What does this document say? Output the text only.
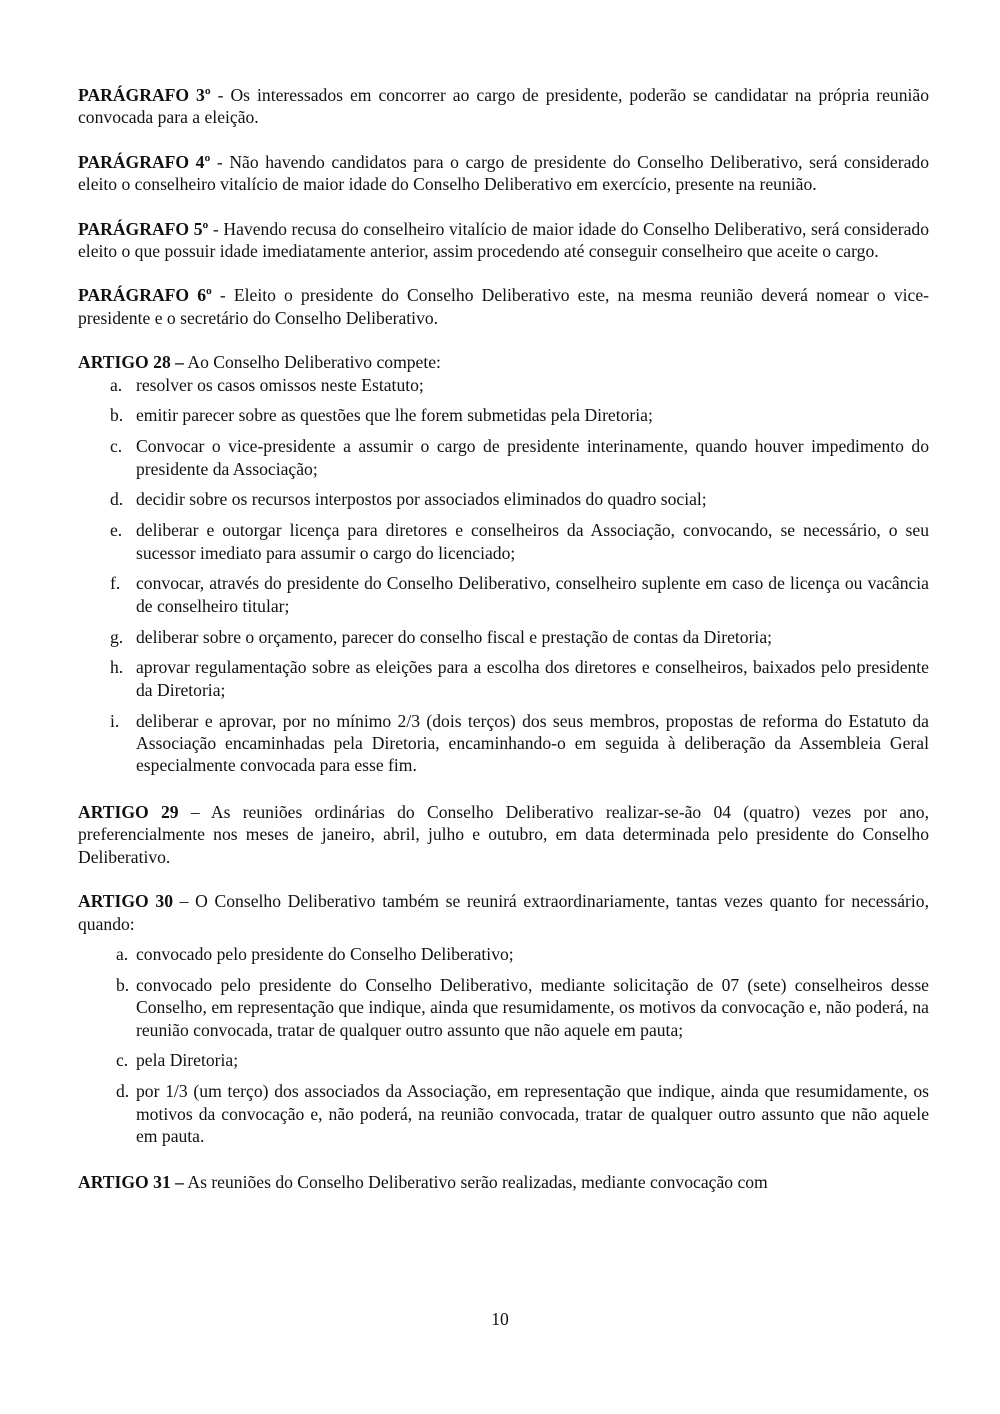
PARÁGRAFO 3º - Os interessados em concorrer ao cargo de presidente, poderão se candidatar na própria reunião convocada para a eleição.

PARÁGRAFO 4º - Não havendo candidatos para o cargo de presidente do Conselho Deliberativo, será considerado eleito o conselheiro vitalício de maior idade do Conselho Deliberativo em exercício, presente na reunião.

PARÁGRAFO 5º - Havendo recusa do conselheiro vitalício de maior idade do Conselho Deliberativo, será considerado eleito o que possuir idade imediatamente anterior, assim procedendo até conseguir conselheiro que aceite o cargo.

PARÁGRAFO 6º - Eleito o presidente do Conselho Deliberativo este, na mesma reunião deverá nomear o vice-presidente e o secretário do Conselho Deliberativo.

ARTIGO 28 – Ao Conselho Deliberativo compete:

a. resolver os casos omissos neste Estatuto;
b. emitir parecer sobre as questões que lhe forem submetidas pela Diretoria;
c. Convocar o vice-presidente a assumir o cargo de presidente interinamente, quando houver impedimento do presidente da Associação;
d. decidir sobre os recursos interpostos por associados eliminados do quadro social;
e. deliberar e outorgar licença para diretores e conselheiros da Associação, convocando, se necessário, o seu sucessor imediato para assumir o cargo do licenciado;
f. convocar, através do presidente do Conselho Deliberativo, conselheiro suplente em caso de licença ou vacância de conselheiro titular;
g. deliberar sobre o orçamento, parecer do conselho fiscal e prestação de contas da Diretoria;
h. aprovar regulamentação sobre as eleições para a escolha dos diretores e conselheiros, baixados pelo presidente da Diretoria;
i. deliberar e aprovar, por no mínimo 2/3 (dois terços) dos seus membros, propostas de reforma do Estatuto da Associação encaminhadas pela Diretoria, encaminhando-o em seguida à deliberação da Assembleia Geral especialmente convocada para esse fim.

ARTIGO 29 – As reuniões ordinárias do Conselho Deliberativo realizar-se-ão 04 (quatro) vezes por ano, preferencialmente nos meses de janeiro, abril, julho e outubro, em data determinada pelo presidente do Conselho Deliberativo.

ARTIGO 30 – O Conselho Deliberativo também se reunirá extraordinariamente, tantas vezes quanto for necessário, quando:

a. convocado pelo presidente do Conselho Deliberativo;
b. convocado pelo presidente do Conselho Deliberativo, mediante solicitação de 07 (sete) conselheiros desse Conselho, em representação que indique, ainda que resumidamente, os motivos da convocação e, não poderá, na reunião convocada, tratar de qualquer outro assunto que não aquele em pauta;
c. pela Diretoria;
d. por 1/3 (um terço) dos associados da Associação, em representação que indique, ainda que resumidamente, os motivos da convocação e, não poderá, na reunião convocada, tratar de qualquer outro assunto que não aquele em pauta.

ARTIGO 31 – As reuniões do Conselho Deliberativo serão realizadas, mediante convocação com

10
